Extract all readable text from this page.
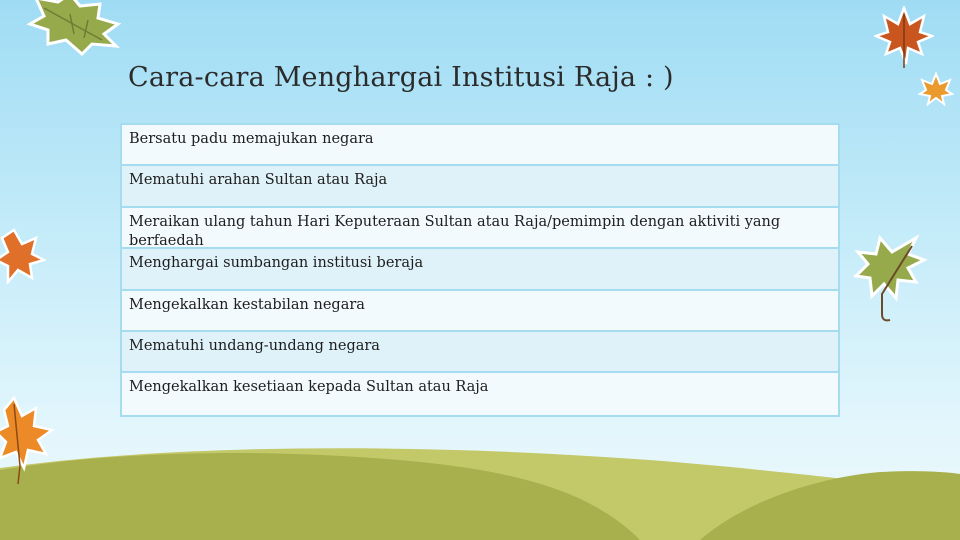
Cara-cara Menghargai Institusi Raja : )
Bersatu padu memajukan negara
Mematuhi arahan Sultan atau Raja
Meraikan ulang tahun Hari Keputeraan Sultan atau Raja/pemimpin dengan aktiviti yang berfaedah
Menghargai sumbangan institusi beraja
Mengekalkan kestabilan negara
Mematuhi undang-undang negara
Mengekalkan kesetiaan kepada Sultan atau Raja
